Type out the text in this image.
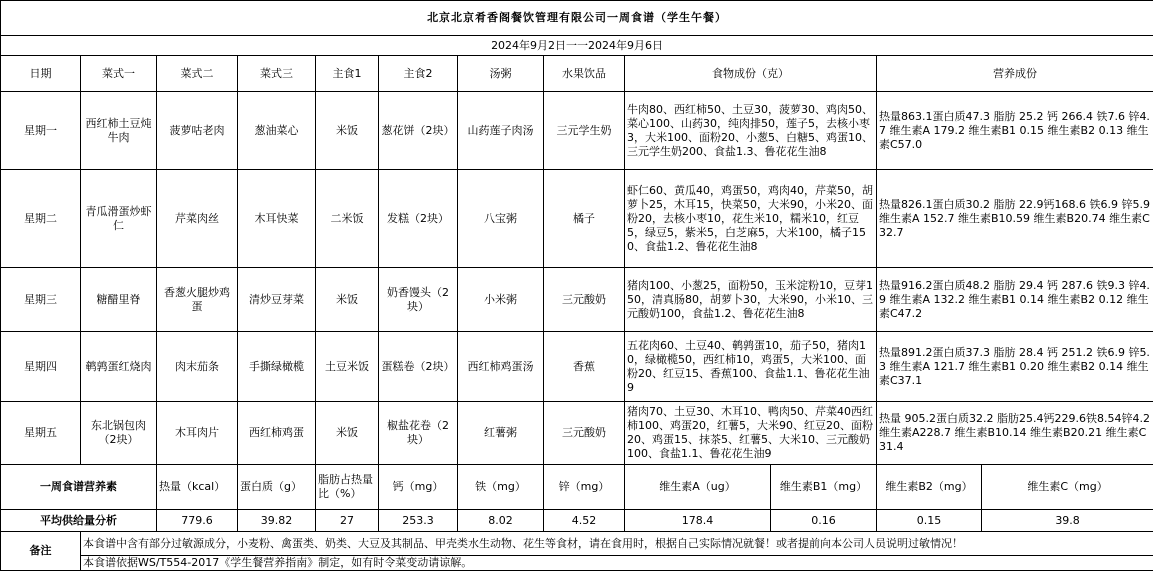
北京北京肴香阁餐饮管理有限公司一周食谱（学生午餐）											
2024年9月2日一一2024年9月6日											
日期	菜式一	菜式二	菜式三	主食1	主食2	汤粥	水果饮品	食物成份（克）		营养成份	
星期一	西红柿土豆炖牛肉	菠萝咕老肉	葱油菜心	米饭	葱花饼（2块）	山药莲子肉汤	三元学生奶	牛肉80、西红柿50、土豆30，菠萝30、鸡肉50、菜心100、山药30，纯肉排50，莲子5，去核小枣3，大米100、面粉20、小葱5、白糖5、鸡蛋10、三元学生奶200、食盐1.3、鲁花花生油8		热量863.1蛋白质47.3 脂肪 25.2 钙 266.4 铁7.6 锌4.7 维生素A 179.2 维生素B1 0.15 维生素B2 0.13 维生素C57.0	
星期二	青瓜滑蛋炒虾仁	芹菜肉丝	木耳快菜	二米饭	发糕（2块）	八宝粥	橘子	虾仁60、黄瓜40，鸡蛋50，鸡肉40，芹菜50，胡萝卜25，木耳15，快菜50，大米90，小米20、面粉20，去核小枣10，花生米10，糯米10，红豆5，绿豆5，紫米5，白芝麻5，大米100，橘子150、食盐1.2、鲁花花生油8		热量826.1蛋白质30.2 脂肪 22.9钙168.6 铁6.9 锌5.9 维生素A 152.7 维生素B10.59 维生素B20.74 维生素C 32.7	
星期三	糖醋里脊	香葱火腿炒鸡蛋	清炒豆芽菜	米饭	奶香馒头（2块）	小米粥	三元酸奶	猪肉100、小葱25，面粉50，玉米淀粉10，豆芽150，清真肠80，胡萝卜30，大米90，小米10、三元酸奶100，食盐1.2、鲁花花生油8		热量916.2蛋白质48.2 脂肪 29.4 钙 287.6 铁9.3 锌4.9 维生素A 132.2 维生素B1 0.14 维生素B2 0.12 维生素C47.2	
星期四	鹌鹑蛋红烧肉	肉末茄条	手撕绿橄榄	土豆米饭	蛋糕卷（2块）	西红柿鸡蛋汤	香蕉	五花肉60、土豆40、鹌鹑蛋10，茄子50，猪肉10，绿橄榄50，西红柿10，鸡蛋5，大米100、面粉20、红豆15、香蕉100、食盐1.1、鲁花花生油9		热量891.2蛋白质37.3 脂肪 28.4 钙 251.2 铁6.9 锌5.3 维生素A 121.7 维生素B1 0.20 维生素B2 0.14 维生素C37.1	
星期五	东北锅包肉（2块）	木耳肉片	西红柿鸡蛋	米饭	椒盐花卷（2块）	红薯粥	三元酸奶	猪肉70、土豆30、木耳10、鸭肉50、芹菜40西红柿100、鸡蛋20，红薯5，大米90、红豆20、面粉20、鸡蛋15、抹茶5、红薯5、大米10、三元酸奶100、食盐1.1、鲁花花生油9		热量 905.2蛋白质32.2 脂肪25.4钙229.6铁8.54锌4.2 维生素A228.7 维生素B10.14 维生素B20.21 维生素C31.4	
一周食谱营养素		热量（kcal）	蛋白质（g）	脂肪占热量比（%）	钙（mg）	铁（mg）	锌（mg）	维生素A（ug）	维生素B1（mg）	维生素B2（mg）	维生素C（mg）
平均供给量分析		779.6	39.82	27	253.3	8.02	4.52	178.4	0.16	0.15	39.8
备注	本食谱中含有部分过敏源成分，小麦粉、禽蛋类、奶类、大豆及其制品、甲壳类水生动物、花生等食材，请在食用时，根据自己实际情况就餐！或者提前向本公司人员说明过敏情况！										
	本食谱依据WS/T554-2017《学生餐营养指南》制定，如有时令菜变动请谅解。										
